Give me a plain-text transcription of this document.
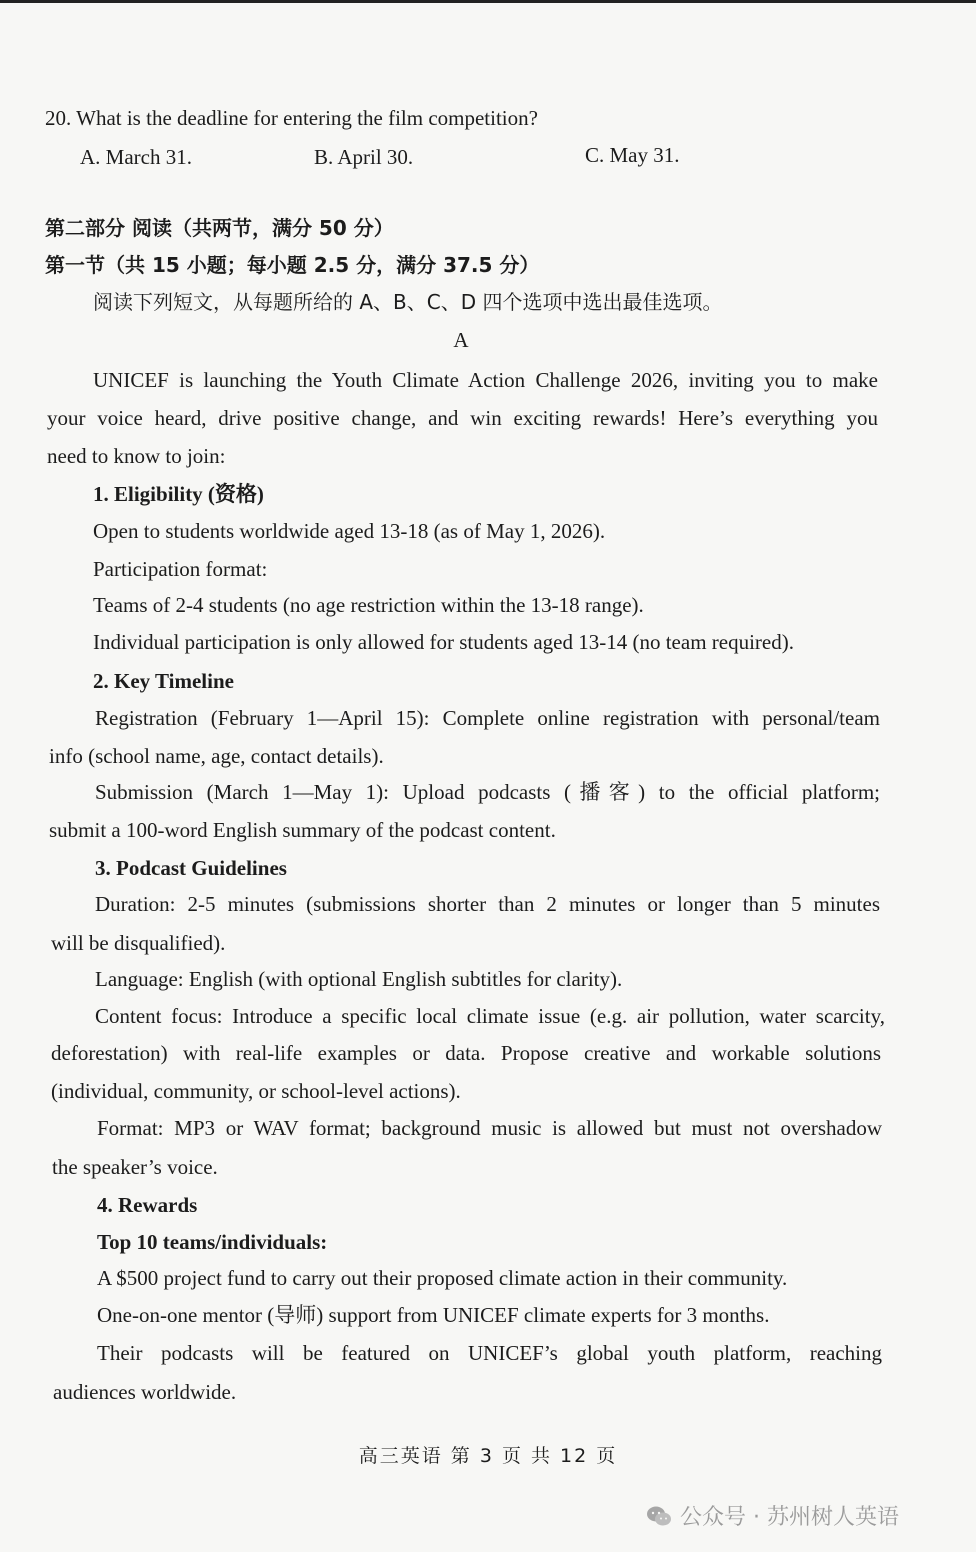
20. What is the deadline for entering the film competition?
A. March 31.	B. April 30.	C. May 31.
第二部分 阅读（共两节，满分 50 分）
第一节（共 15 小题；每小题 2.5 分，满分 37.5 分）
阅读下列短文，从每题所给的 A、B、C、D 四个选项中选出最佳选项。
A
UNICEF is launching the Youth Climate Action Challenge 2026, inviting you to make
your voice heard, drive positive change, and win exciting rewards! Here’s everything you
need to know to join:
1. Eligibility (资格)
Open to students worldwide aged 13-18 (as of May 1, 2026).
Participation format:
Teams of 2-4 students (no age restriction within the 13-18 range).
Individual participation is only allowed for students aged 13-14 (no team required).
2. Key Timeline
Registration (February 1—April 15): Complete online registration with personal/team
info (school name, age, contact details).
Submission (March 1—May 1): Upload podcasts (播客) to the official platform;
submit a 100-word English summary of the podcast content.
3. Podcast Guidelines
Duration: 2-5 minutes (submissions shorter than 2 minutes or longer than 5 minutes
will be disqualified).
Language: English (with optional English subtitles for clarity).
Content focus: Introduce a specific local climate issue (e.g. air pollution, water scarcity,
deforestation) with real-life examples or data. Propose creative and workable solutions
(individual, community, or school-level actions).
Format: MP3 or WAV format; background music is allowed but must not overshadow
the speaker’s voice.
4. Rewards
Top 10 teams/individuals:
A $500 project fund to carry out their proposed climate action in their community.
One-on-one mentor (导师) support from UNICEF climate experts for 3 months.
Their podcasts will be featured on UNICEF’s global youth platform, reaching
audiences worldwide.
高三英语 第 3 页 共 12 页
公众号 · 苏州树人英语
